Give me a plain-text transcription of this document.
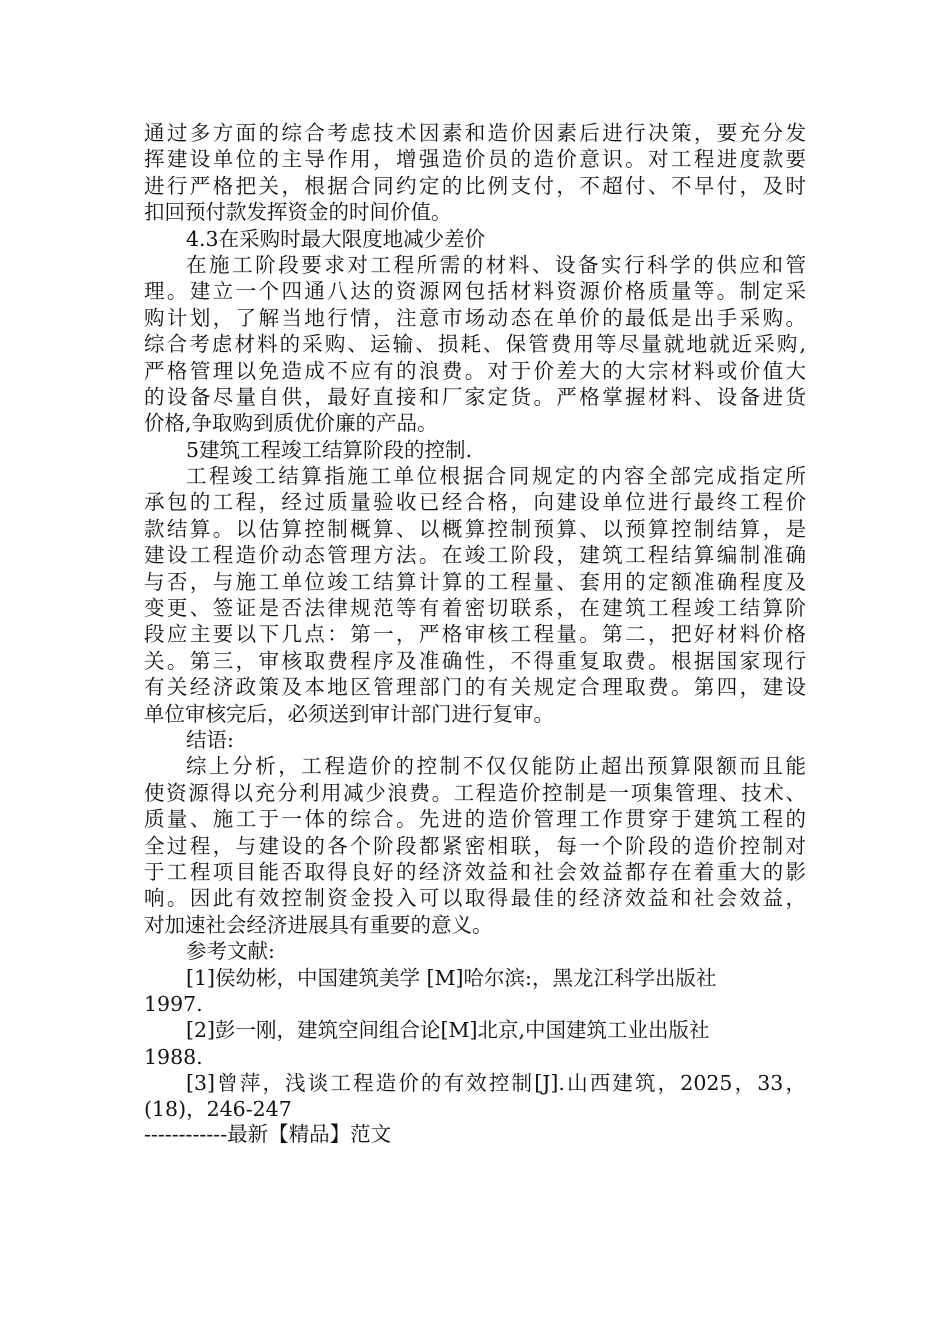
通过多方面的综合考虑技术因素和造价因素后进行决策，要充分发
挥建设单位的主导作用，增强造价员的造价意识。对工程进度款要
进行严格把关，根据合同约定的比例支付，不超付、不早付，及时
扣回预付款发挥资金的时间价值。
4.3在采购时最大限度地减少差价
在施工阶段要求对工程所需的材料、设备实行科学的供应和管
理。建立一个四通八达的资源网包括材料资源价格质量等。制定采
购计划，了解当地行情，注意市场动态在单价的最低是出手采购。
综合考虑材料的采购、运输、损耗、保管费用等尽量就地就近采购,
严格管理以免造成不应有的浪费。对于价差大的大宗材料或价值大
的设备尽量自供，最好直接和厂家定货。严格掌握材料、设备进货
价格,争取购到质优价廉的产品。
5建筑工程竣工结算阶段的控制.
工程竣工结算指施工单位根据合同规定的内容全部完成指定所
承包的工程，经过质量验收已经合格，向建设单位进行最终工程价
款结算。以估算控制概算、以概算控制预算、以预算控制结算，是
建设工程造价动态管理方法。在竣工阶段，建筑工程结算编制准确
与否，与施工单位竣工结算计算的工程量、套用的定额准确程度及
变更、签证是否法律规范等有着密切联系，在建筑工程竣工结算阶
段应主要以下几点：第一，严格审核工程量。第二，把好材料价格
关。第三，审核取费程序及准确性，不得重复取费。根据国家现行
有关经济政策及本地区管理部门的有关规定合理取费。第四，建设
单位审核完后，必须送到审计部门进行复审。
结语:
综上分析，工程造价的控制不仅仅能防止超出预算限额而且能
使资源得以充分利用减少浪费。工程造价控制是一项集管理、技术、
质量、施工于一体的综合。先进的造价管理工作贯穿于建筑工程的
全过程，与建设的各个阶段都紧密相联，每一个阶段的造价控制对
于工程项目能否取得良好的经济效益和社会效益都存在着重大的影
响。因此有效控制资金投入可以取得最佳的经济效益和社会效益，
对加速社会经济进展具有重要的意义。
参考文献:
[1]侯幼彬，中国建筑美学 [M]哈尔滨:，黑龙江科学出版社
1997.
[2]彭一刚，建筑空间组合论[M]北京,中国建筑工业出版社
1988.
[3]曾萍，浅谈工程造价的有效控制[J].山西建筑，2025，33，
(18)，246-247
------------最新【精品】范文
